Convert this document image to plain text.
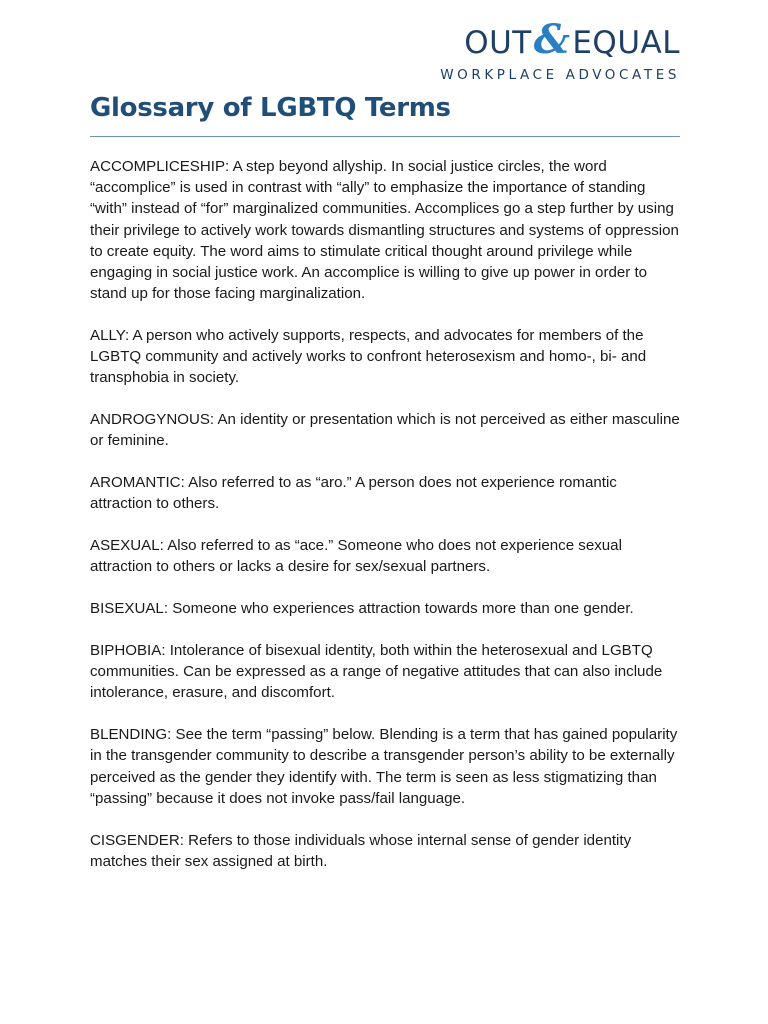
OUT & EQUAL
WORKPLACE ADVOCATES
Glossary of LGBTQ Terms

ACCOMPLICESHIP: A step beyond allyship. In social justice circles, the word “accomplice” is used in contrast with “ally” to emphasize the importance of standing “with” instead of “for” marginalized communities. Accomplices go a step further by using their privilege to actively work towards dismantling structures and systems of oppression to create equity. The word aims to stimulate critical thought around privilege while engaging in social justice work. An accomplice is willing to give up power in order to stand up for those facing marginalization.

ALLY: A person who actively supports, respects, and advocates for members of the LGBTQ community and actively works to confront heterosexism and homo-, bi- and transphobia in society.

ANDROGYNOUS: An identity or presentation which is not perceived as either masculine or feminine.

AROMANTIC: Also referred to as “aro.” A person does not experience romantic attraction to others.

ASEXUAL: Also referred to as “ace.” Someone who does not experience sexual attraction to others or lacks a desire for sex/sexual partners.

BISEXUAL: Someone who experiences attraction towards more than one gender.

BIPHOBIA: Intolerance of bisexual identity, both within the heterosexual and LGBTQ communities. Can be expressed as a range of negative attitudes that can also include intolerance, erasure, and discomfort.

BLENDING: See the term “passing” below. Blending is a term that has gained popularity in the transgender community to describe a transgender person’s ability to be externally perceived as the gender they identify with. The term is seen as less stigmatizing than “passing” because it does not invoke pass/fail language.

CISGENDER: Refers to those individuals whose internal sense of gender identity matches their sex assigned at birth.
